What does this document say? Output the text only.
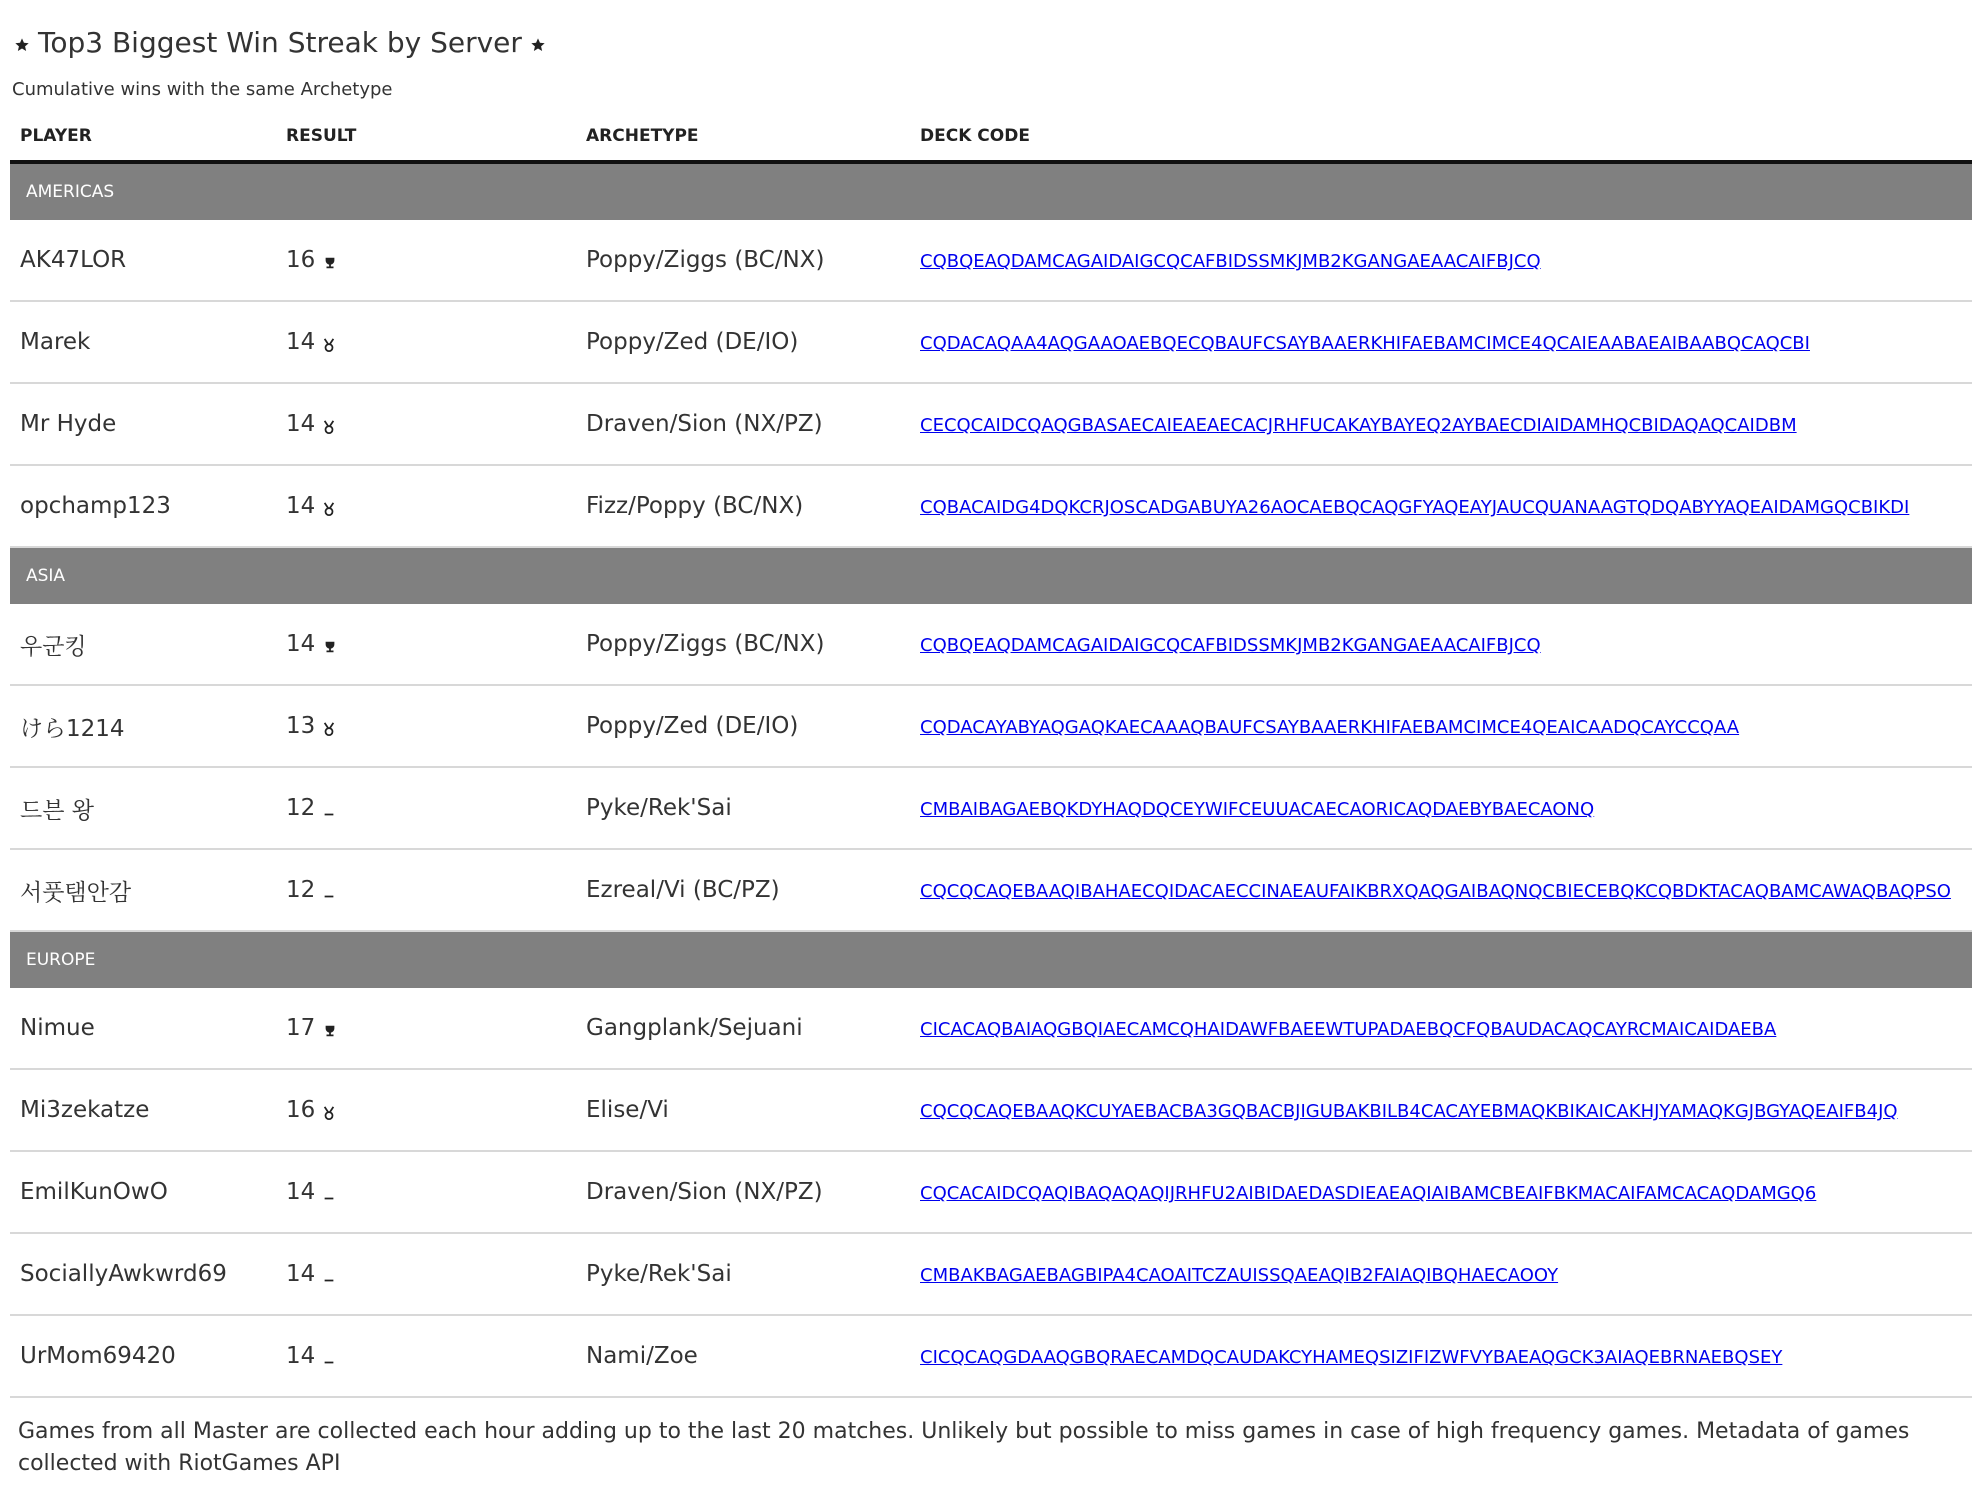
Top3 Biggest Win Streak by Server
Cumulative wins with the same Archetype
PLAYER	RESULT	ARCHETYPE	DECK CODE
AMERICAS			
AK47LOR	16	Poppy/Ziggs (BC/NX)	CQBQEAQDAMCAGAIDAIGCQCAFBIDSSMKJMB2KGANGAEAACAIFBJCQ
Marek	14	Poppy/Zed (DE/IO)	CQDACAQAA4AQGAAOAEBQECQBAUFCSAYBAAERKHIFAEBAMCIMCE4QCAIEAABAEAIBAABQCAQCBI
Mr Hyde	14	Draven/Sion (NX/PZ)	CECQCAIDCQAQGBASAECAIEAEAECACJRHFUCAKAYBAYEQ2AYBAECDIAIDAMHQCBIDAQAQCAIDBM
opchamp123	14	Fizz/Poppy (BC/NX)	CQBACAIDG4DQKCRJOSCADGABUYA26AOCAEBQCAQGFYAQEAYJAUCQUANAAGTQDQABYYAQEAIDAMGQCBIKDI
ASIA			
우군킹	14	Poppy/Ziggs (BC/NX)	CQBQEAQDAMCAGAIDAIGCQCAFBIDSSMKJMB2KGANGAEAACAIFBJCQ
けら1214	13	Poppy/Zed (DE/IO)	CQDACAYABYAQGAQKAECAAAQBAUFCSAYBAAERKHIFAEBAMCIMCE4QEAICAADQCAYCCQAA
드븐 왕	12	Pyke/Rek'Sai	CMBAIBAGAEBQKDYHAQDQCEYWIFCEUUACAECAORICAQDAEBYBAECAONQ
서풋탬안감	12	Ezreal/Vi (BC/PZ)	CQCQCAQEBAAQIBAHAECQIDACAECCINAEAUFAIKBRXQAQGAIBAQNQCBIECEBQKCQBDKTACAQBAMCAWAQBAQPSO
EUROPE			
Nimue	17	Gangplank/Sejuani	CICACAQBAIAQGBQIAECAMCQHAIDAWFBAEEWTUPADAEBQCFQBAUDACAQCAYRCMAICAIDAEBA
Mi3zekatze	16	Elise/Vi	CQCQCAQEBAAQKCUYAEBACBA3GQBACBJIGUBAKBILB4CACAYEBMAQKBIKAICAKHJYAMAQKGJBGYAQEAIFB4JQ
EmilKunOwO	14	Draven/Sion (NX/PZ)	CQCACAIDCQAQIBAQAQAQIJRHFU2AIBIDAEDASDIEAEAQIAIBAMCBEAIFBKMACAIFAMCACAQDAMGQ6
SociallyAwkwrd69	14	Pyke/Rek'Sai	CMBAKBAGAEBAGBIPA4CAOAITCZAUISSQAEAQIB2FAIAQIBQHAECAOOY
UrMom69420	14	Nami/Zoe	CICQCAQGDAAQGBQRAECAMDQCAUDAKCYHAMEQSIZIFIZWFVYBAEAQGCK3AIAQEBRNAEBQSEY
Games from all Master are collected each hour adding up to the last 20 matches. Unlikely but possible to miss games in case of high frequency games. Metadata of games collected with RiotGames API
